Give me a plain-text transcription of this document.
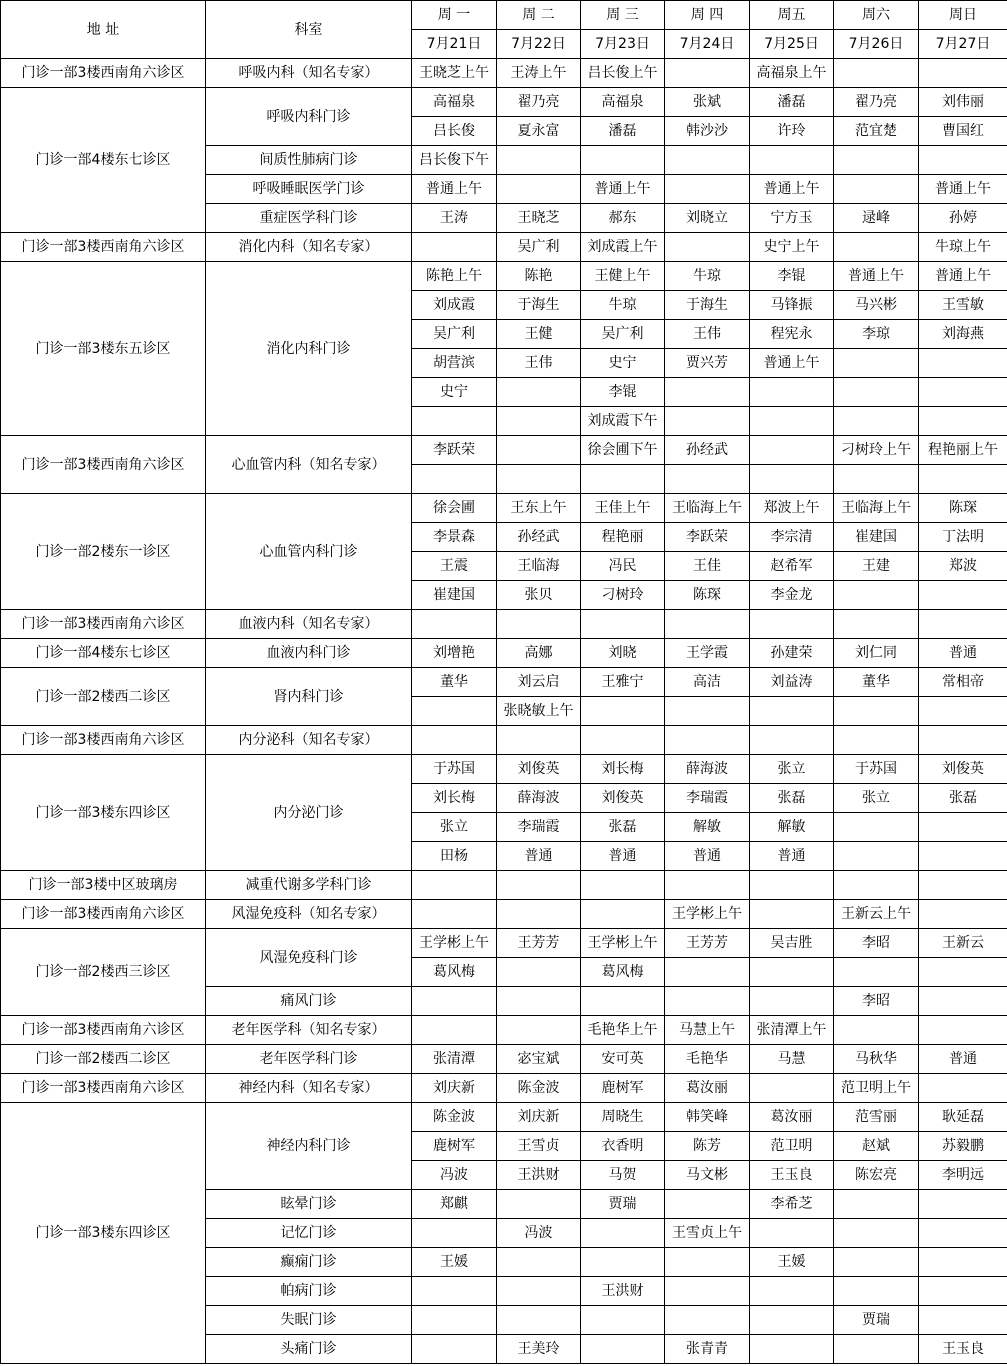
地 址	科室	周 一	周 二	周 三	周 四	周五	周六	周日
		7月21日	7月22日	7月23日	7月24日	7月25日	7月26日	7月27日
门诊一部3楼西南角六诊区	呼吸内科（知名专家）	王晓芝上午	王涛上午	吕长俊上午		高福泉上午		
门诊一部4楼东七诊区	呼吸内科门诊	高福泉	翟乃亮	高福泉	张斌	潘磊	翟乃亮	刘伟丽
		吕长俊	夏永富	潘磊	韩沙沙	许玲	范宜楚	曹国红
	间质性肺病门诊	吕长俊下午						
	呼吸睡眠医学门诊	普通上午		普通上午		普通上午		普通上午
	重症医学科门诊	王涛	王晓芝	郝东	刘晓立	宁方玉	逯峰	孙婷
门诊一部3楼西南角六诊区	消化内科（知名专家）		吴广利	刘成霞上午		史宁上午		牛琼上午
门诊一部3楼东五诊区	消化内科门诊	陈艳上午	陈艳	王健上午	牛琼	李锟	普通上午	普通上午
		刘成霞	于海生	牛琼	于海生	马锋振	马兴彬	王雪敏
		吴广利	王健	吴广利	王伟	程宪永	李琼	刘海燕
		胡营滨	王伟	史宁	贾兴芳	普通上午		
		史宁		李锟				
				刘成霞下午				
门诊一部3楼西南角六诊区	心血管内科（知名专家）	李跃荣		徐会圃下午	孙经武		刁树玲上午	程艳丽上午

门诊一部2楼东一诊区	心血管内科门诊	徐会圃	王东上午	王佳上午	王临海上午	郑波上午	王临海上午	陈琛
		李景森	孙经武	程艳丽	李跃荣	李宗清	崔建国	丁法明
		王震	王临海	冯民	王佳	赵希军	王建	郑波
		崔建国	张贝	刁树玲	陈琛	李金龙		
门诊一部3楼西南角六诊区	血液内科（知名专家）							
门诊一部4楼东七诊区	血液内科门诊	刘增艳	高娜	刘晓	王学霞	孙建荣	刘仁同	普通
门诊一部2楼西二诊区	肾内科门诊	董华	刘云启	王雅宁	高洁	刘益涛	董华	常相帝
			张晓敏上午					
门诊一部3楼西南角六诊区	内分泌科（知名专家）							
门诊一部3楼东四诊区	内分泌门诊	于苏国	刘俊英	刘长梅	薛海波	张立	于苏国	刘俊英
		刘长梅	薛海波	刘俊英	李瑞霞	张磊	张立	张磊
		张立	李瑞霞	张磊	解敏	解敏		
		田杨	普通	普通	普通	普通		
门诊一部3楼中区玻璃房	减重代谢多学科门诊							
门诊一部3楼西南角六诊区	风湿免疫科（知名专家）				王学彬上午		王新云上午	
门诊一部2楼西三诊区	风湿免疫科门诊	王学彬上午	王芳芳	王学彬上午	王芳芳	吴吉胜	李昭	王新云
		葛风梅		葛风梅				
	痛风门诊						李昭	
门诊一部3楼西南角六诊区	老年医学科（知名专家）			毛艳华上午	马慧上午	张清潭上午		
门诊一部2楼西二诊区	老年医学科门诊	张清潭	宓宝斌	安可英	毛艳华	马慧	马秋华	普通
门诊一部3楼西南角六诊区	神经内科（知名专家）	刘庆新	陈金波	鹿树军	葛汝丽		范卫明上午	
门诊一部3楼东四诊区	神经内科门诊	陈金波	刘庆新	周晓生	韩笑峰	葛汝丽	范雪丽	耿延磊
		鹿树军	王雪贞	衣香明	陈芳	范卫明	赵斌	苏毅鹏
		冯波	王洪财	马贺	马文彬	王玉良	陈宏亮	李明远
	眩晕门诊	郑麒		贾瑞		李希芝		
	记忆门诊		冯波		王雪贞上午			
	癫痫门诊	王媛				王媛		
	帕病门诊			王洪财				
	失眠门诊						贾瑞	
	头痛门诊		王美玲		张青青			王玉良
